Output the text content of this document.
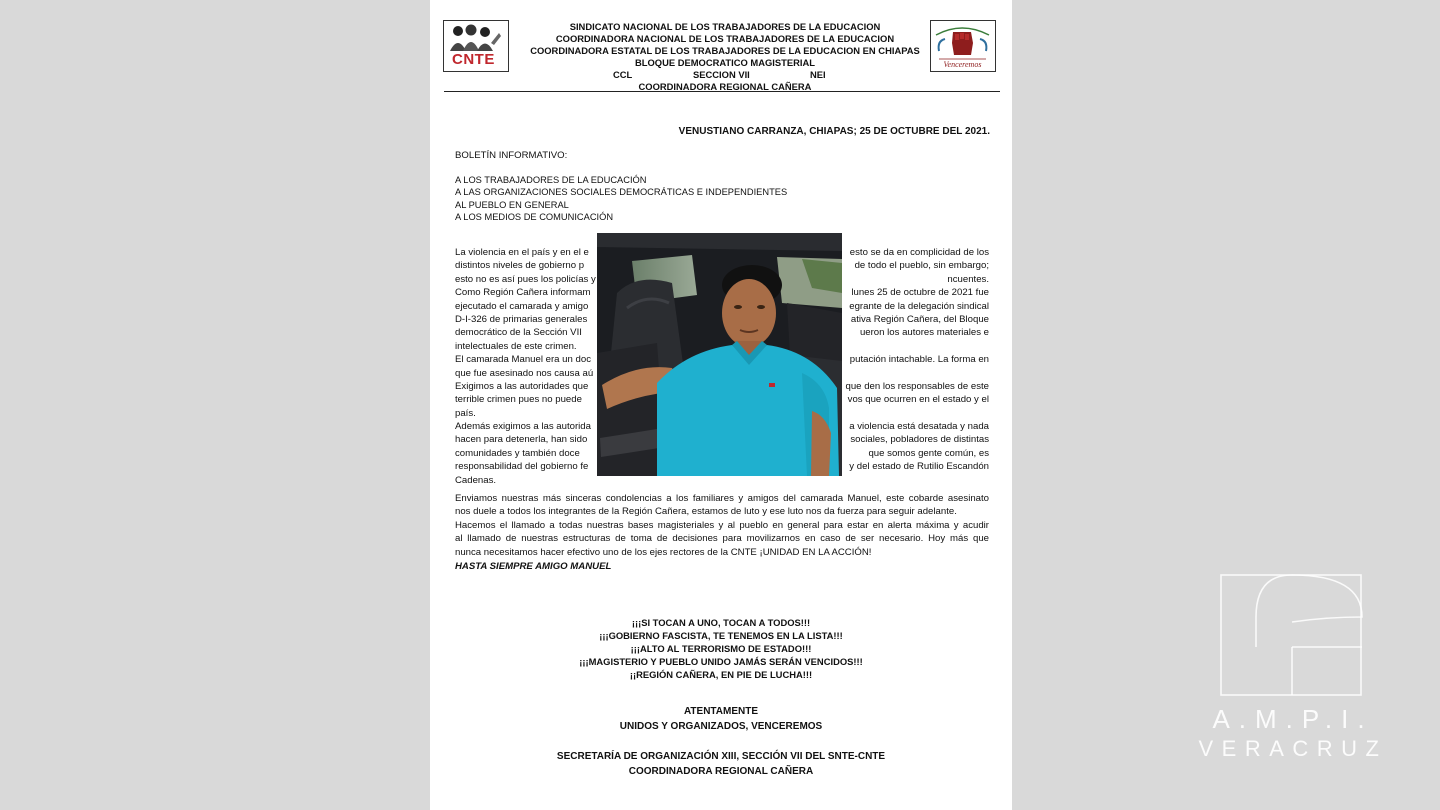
CNTE	Venceremos
SINDICATO NACIONAL DE LOS TRABAJADORES DE LA EDUCACION
COORDINADORA NACIONAL DE LOS TRABAJADORES DE LA EDUCACION
COORDINADORA ESTATAL DE LOS TRABAJADORES DE LA EDUCACION EN CHIAPAS
BLOQUE DEMOCRATICO MAGISTERIAL
CCL	SECCION VII	NEI
COORDINADORA REGIONAL CAÑERA
VENUSTIANO CARRANZA, CHIAPAS; 25 DE OCTUBRE DEL 2021.
BOLETÍN INFORMATIVO:
A LOS TRABAJADORES DE LA EDUCACIÓN
A LAS ORGANIZACIONES SOCIALES DEMOCRÁTICAS E INDEPENDIENTES
AL PUEBLO EN GENERAL
A LOS MEDIOS DE COMUNICACIÓN
La violencia en el país y en el e	esto se da en complicidad de los
distintos niveles de gobierno p	de todo el pueblo, sin embargo;
esto no es así pues los policías y	ncuentes.
Como Región Cañera informam	lunes 25 de octubre de 2021 fue
ejecutado el camarada y amigo	egrante de la delegación sindical
D-I-326 de primarias generales	ativa Región Cañera, del Bloque
democrático de la Sección VII	ueron los autores materiales e
intelectuales de este crimen.
El camarada Manuel era un doc	putación intachable. La forma en
que fue asesinado nos causa aú
Exigimos a las autoridades que	que den los responsables de este
terrible crimen pues no puede	vos que ocurren en el estado y el
país.
Además exigimos a las autorida	a violencia está desatada y nada
hacen para detenerla, han sido	sociales, pobladores de distintas
comunidades y también doce	que somos gente común, es
responsabilidad del gobierno fe	y del estado de Rutilio Escandón
Cadenas.
Enviamos nuestras más sinceras condolencias a los familiares y amigos del camarada Manuel, este cobarde asesinato
nos duele a todos los integrantes de la Región Cañera, estamos de luto y ese luto nos da fuerza para seguir adelante.
Hacemos el llamado a todas nuestras bases magisteriales y al pueblo en general para estar en alerta máxima y acudir
al llamado de nuestras estructuras de toma de decisiones para movilizarnos en caso de ser necesario. Hoy más que
nunca necesitamos hacer efectivo uno de los ejes rectores de la CNTE ¡UNIDAD EN LA ACCIÓN!
HASTA SIEMPRE AMIGO MANUEL
¡¡¡SI TOCAN A UNO, TOCAN A TODOS!!!
¡¡¡GOBIERNO FASCISTA, TE TENEMOS EN LA LISTA!!!
¡¡¡ALTO AL TERRORISMO DE ESTADO!!!
¡¡¡MAGISTERIO Y PUEBLO UNIDO JAMÁS SERÁN VENCIDOS!!!
¡¡REGIÓN CAÑERA, EN PIE DE LUCHA!!!
ATENTAMENTE
UNIDOS Y ORGANIZADOS, VENCEREMOS
SECRETARÍA DE ORGANIZACIÓN XIII, SECCIÓN VII DEL SNTE-CNTE
COORDINADORA REGIONAL CAÑERA
A.M.P.I.
VERACRUZ
